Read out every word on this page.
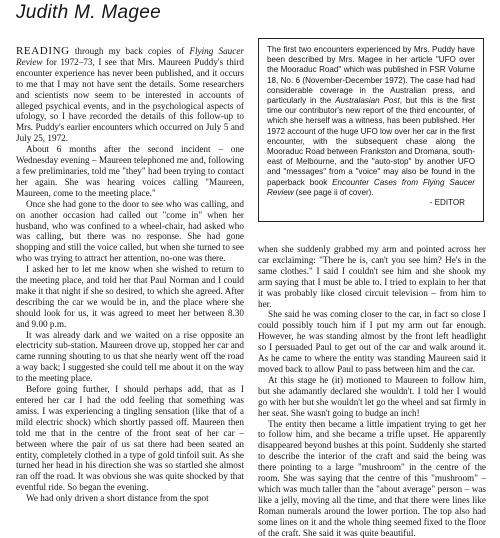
Judith M. Magee

The first two encounters experienced by Mrs. Puddy have been described by Mrs. Magee in her article "UFO over the Mooraduc Road" which was published in FSR Volume 18, No. 6 (November-December 1972). The case had had considerable coverage in the Australian press, and particularly in the Australasian Post, but this is the first time our contributor's new report of the third encounter, of which she herself was a witness, has been published. Her 1972 account of the huge UFO low over her car in the first encounter, with the subsequent chase along the Mooraduc Road between Frankston and Dromana, south-east of Melbourne, and the "auto-stop" by another UFO and "messages" from a "voice" may also be found in the paperback book Encounter Cases from Flying Saucer Review (see page ii of cover).

- EDITOR

READING through my back copies of Flying Saucer Review for 1972–73, I see that Mrs. Maureen Puddy's third encounter experience has never been published, and it occurs to me that I may not have sent the details. Some researchers and scientists now seem to be interested in accounts of alleged psychical events, and in the psychological aspects of ufology, so I have recorded the details of this follow-up to Mrs. Puddy's earlier encounters which occurred on July 5 and July 25, 1972.

About 6 months after the second incident – one Wednesday evening – Maureen telephoned me and, following a few preliminaries, told me "they" had been trying to contact her again. She was hearing voices calling "Maureen, Maureen, come to the meeting place."

Once she had gone to the door to see who was calling, and on another occasion had called out "come in" when her husband, who was confined to a wheel-chair, had asked who was calling, but there was no response. She had gone shopping and still the voice called, but when she turned to see who was trying to attract her attention, no-one was there.

I asked her to let me know when she wished to return to the meeting place, and told her that Paul Norman and I could make it that night if she so desired, to which she agreed. After describing the car we would be in, and the place where she should look for us, it was agreed to meet her between 8.30 and 9.00 p.m.

It was already dark and we waited on a rise opposite an electricity sub-station. Maureen drove up, stopped her car and came running shouting to us that she nearly went off the road a way back; I suggested she could tell me about it on the way to the meeting place.

Before going further, I should perhaps add, that as I entered her car I had the odd feeling that something was amiss. I was experiencing a tingling sensation (like that of a mild electric shock) which shortly passed off. Maureen then told me that in the centre of the front seat of her car – between where the pair of us sat there had been seated an entity, completely clothed in a type of gold tinfoil suit. As she turned her head in his direction she was so startled she almost ran off the road. It was obvious she was quite shocked by that eventful ride. So began the evening.

We had only driven a short distance from the spot

when she suddenly grabbed my arm and pointed across her car exclaiming: "There he is, can't you see him? He's in the same clothes." I said I couldn't see him and she shook my arm saying that I must be able to. I tried to explain to her that it was probably like closed circuit television – from him to her.

She said he was coming closer to the car, in fact so close I could possibly touch him if I put my arm out far enough. However, he was standing almost by the front left headlight so I persuaded Paul to get out of the car and walk around it. As he came to where the entity was standing Maureen said it moved back to allow Paul to pass between him and the car.

At this stage he (it) motioned to Maureen to follow him, but she adamantly declared she wouldn't. I told her I would go with her but she wouldn't let go the wheel and sat firmly in her seat. She wasn't going to budge an inch!

The entity then became a little impatient trying to get her to follow him, and she became a trifle upset. He apparently disappeared beyond bushes at this point. Suddenly she started to describe the interior of the craft and said the being was there pointing to a large "mushroom" in the centre of the room. She was saying that the centre of this "mushroom" – which was much taller than the "about average" person – was like a jelly, moving all the time, and that there were lines like Roman numerals around the lower portion. The top also had some lines on it and the whole thing seemed fixed to the floor of the craft. She said it was quite beautiful.
